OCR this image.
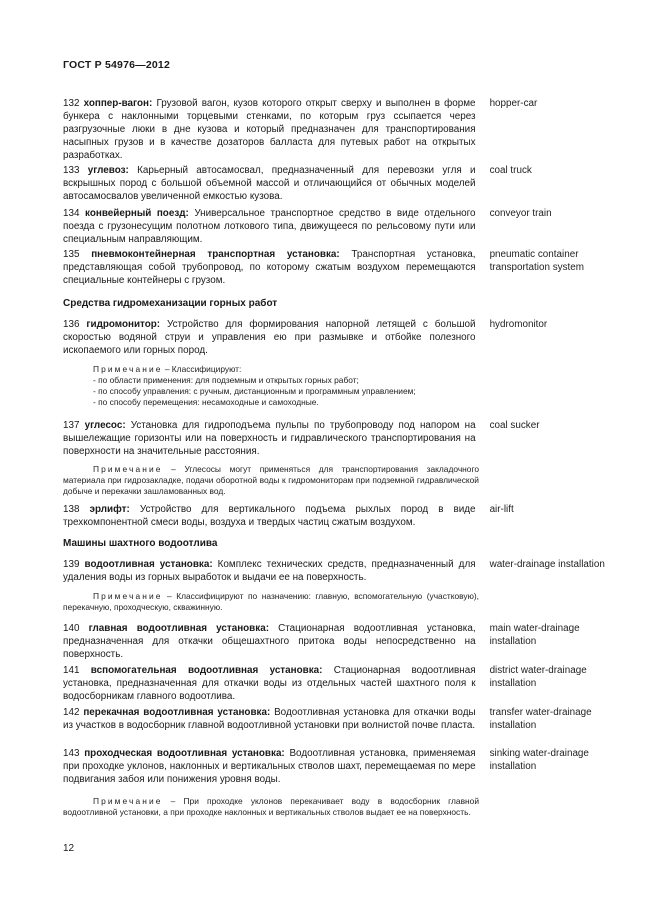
ГОСТ Р 54976—2012
132 хоппер-вагон: Грузовой вагон, кузов которого открыт сверху и выполнен в форме бункера с наклонными торцевыми стенками, по которым груз ссыпается через разгрузочные люки в дне кузова и который предназначен для транспортирования насыпных грузов и в качестве дозаторов балласта для путевых работ на открытых разработках.
hopper-car
133 углевоз: Карьерный автосамосвал, предназначенный для перевозки угля и вскрышных пород с большой объемной массой и отличающийся от обычных моделей автосамосвалов увеличенной емкостью кузова.
coal truck
134 конвейерный поезд: Универсальное транспортное средство в виде отдельного поезда с грузонесущим полотном лоткового типа, движущееся по рельсовому пути или специальным направляющим.
conveyor train
135 пневмоконтейнерная транспортная установка: Транспортная установка, представляющая собой трубопровод, по которому сжатым воздухом перемещаются специальные контейнеры с грузом.
pneumatic container transportation system
Средства гидромеханизации горных работ
136 гидромонитор: Устройство для формирования напорной летящей с большой скоростью водяной струи и управления ею при размывке и отбойке полезного ископаемого или горных пород.
hydromonitor
Примечание – Классифицируют:
- по области применения: для подземным и открытых горных работ;
- по способу управления: с ручным, дистанционным и программным управлением;
- по способу перемещения: несамоходные и самоходные.
137 углесос: Установка для гидроподъема пульпы по трубопроводу под напором на вышележащие горизонты или на поверхность и гидравлического транспортирования на поверхности на значительные расстояния.
coal sucker
Примечание – Углесосы могут применяться для транспортирования закладочного материала при гидрозакладке, подачи оборотной воды к гидромониторам при подземной гидравлической добыче и перекачки зашламованных вод.
138 эрлифт: Устройство для вертикального подъема рыхлых пород в виде трехкомпонентной смеси воды, воздуха и твердых частиц сжатым воздухом.
air-lift
Машины шахтного водоотлива
139 водоотливная установка: Комплекс технических средств, предназначенный для удаления воды из горных выработок и выдачи ее на поверхность.
water-drainage installation
Примечание – Классифицируют по назначению: главную, вспомогательную (участковую), перекачную, проходческую, скважинную.
140 главная водоотливная установка: Стационарная водоотливная установка, предназначенная для откачки общешахтного притока воды непосредственно на поверхность.
main water-drainage installation
141 вспомогательная водоотливная установка: Стационарная водоотливная установка, предназначенная для откачки воды из отдельных частей шахтного поля к водосборникам главного водоотлива.
district water-drainage installation
142 перекачная водоотливная установка: Водоотливная установка для откачки воды из участков в водосборник главной водоотливной установки при волнистой почве пласта.
transfer water-drainage installation
143 проходческая водоотливная установка: Водоотливная установка, применяемая при проходке уклонов, наклонных и вертикальных стволов шахт, перемещаемая по мере подвигания забоя или понижения уровня воды.
sinking water-drainage installation
Примечание – При проходке уклонов перекачивает воду в водосборник главной водоотливной установки, а при проходке наклонных и вертикальных стволов выдает ее на поверхность.
12
